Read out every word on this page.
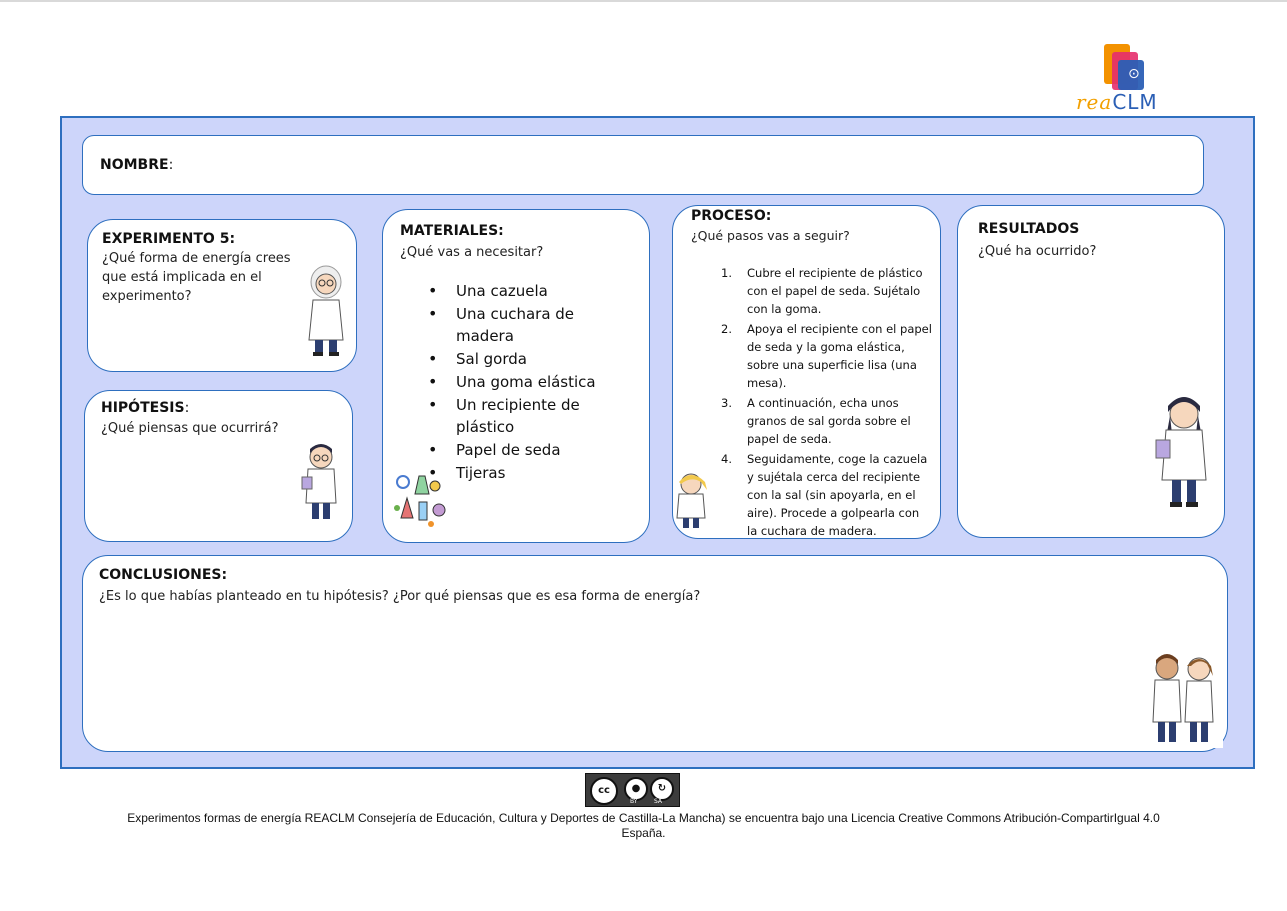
⊙
reaCLM
NOMBRE:
EXPERIMENTO 5:
¿Qué forma de energía crees que está implicada en el experimento?
HIPÓTESIS:
¿Qué piensas que ocurrirá?
MATERIALES:
¿Qué vas a necesitar?
• Una cazuela
• Una cuchara de madera
• Sal gorda
• Una goma elástica
• Un recipiente de plástico
• Papel de seda
• Tijeras
PROCESO:
¿Qué pasos vas a seguir?
1. Cubre el recipiente de plástico con el papel de seda. Sujétalo con la goma.
2. Apoya el recipiente con el papel de seda y la goma elástica, sobre una superficie lisa (una mesa).
3. A continuación, echa unos granos de sal gorda sobre el papel de seda.
4. Seguidamente, coge la cazuela y sujétala cerca del recipiente con la sal (sin apoyarla, en el aire). Procede a golpearla con la cuchara de madera.
RESULTADOS
¿Qué ha ocurrido?
CONCLUSIONES:
¿Es lo que habías planteado en tu hipótesis? ¿Por qué piensas que es esa forma de energía?
cc	●	↻
BY	SA
Experimentos formas de energía REACLM Consejería de Educación, Cultura y Deportes de Castilla-La Mancha) se encuentra bajo una Licencia Creative Commons Atribución-CompartirIgual 4.0
España.
